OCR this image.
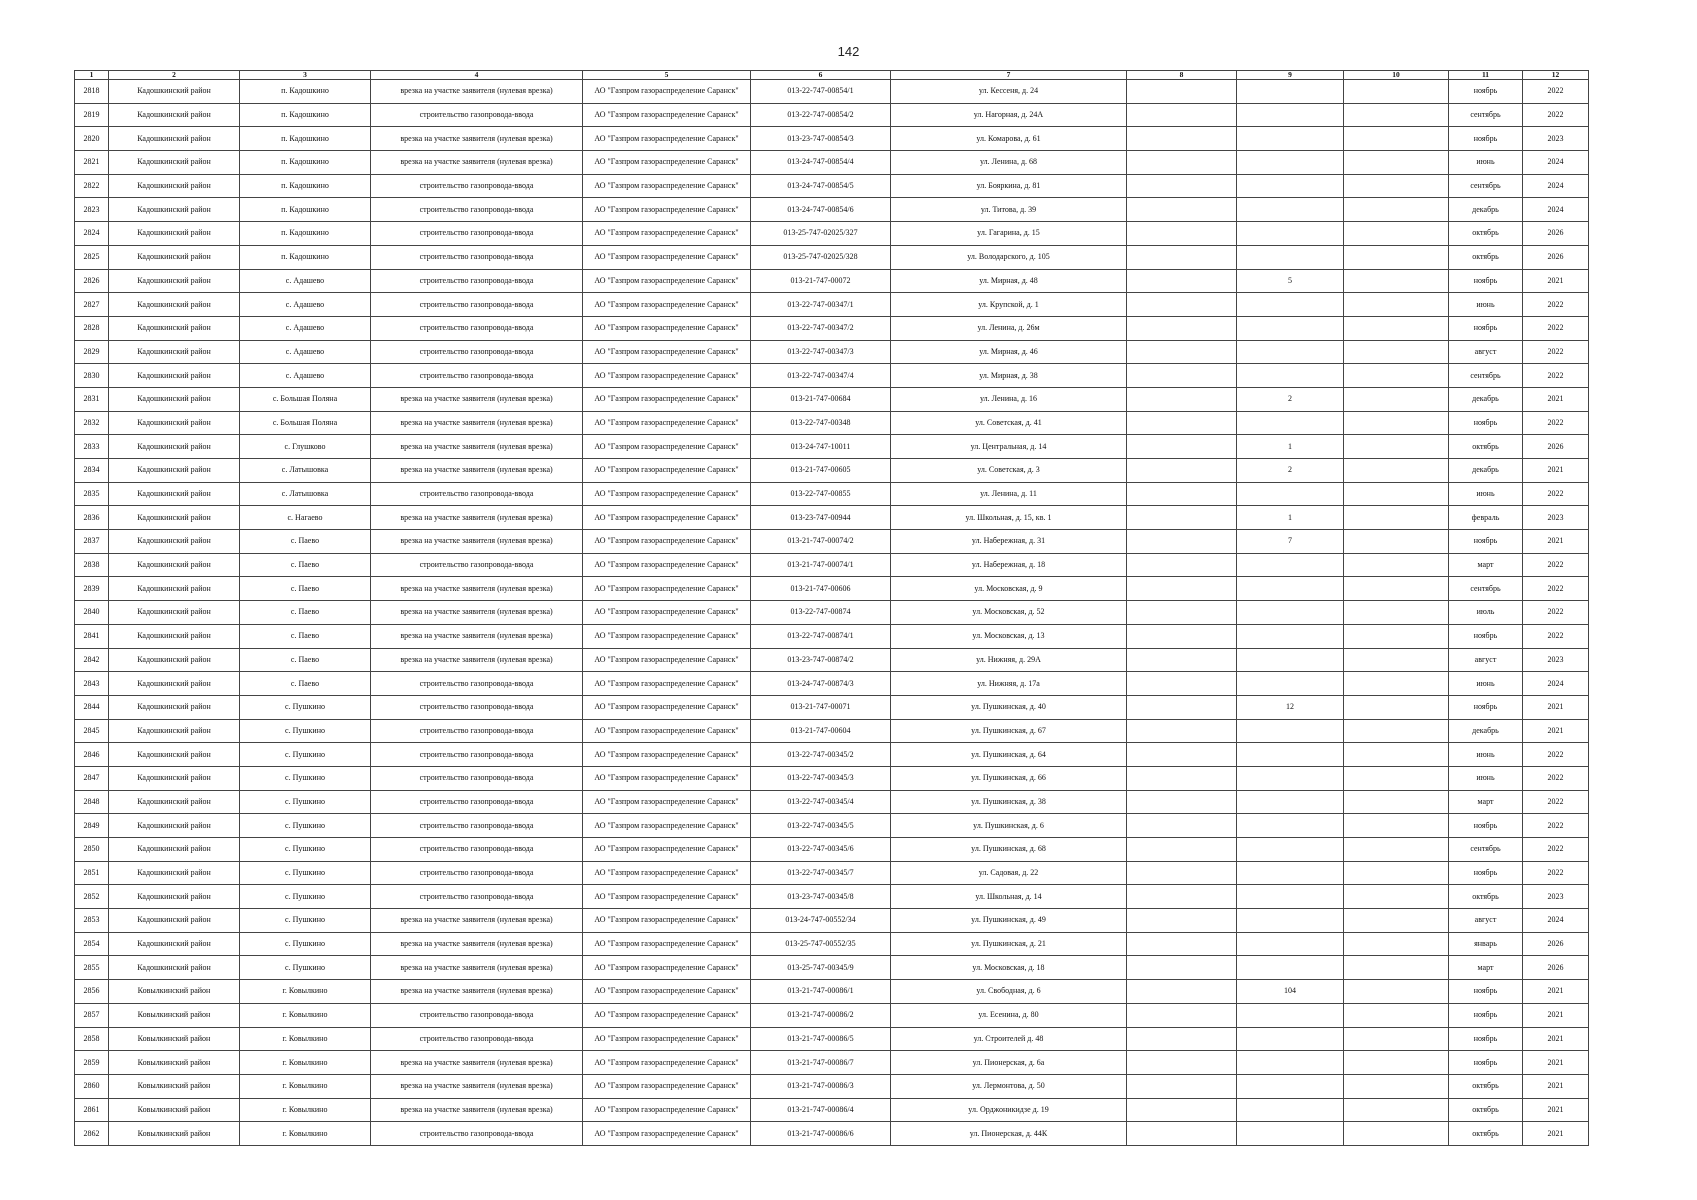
142
1	2	3	4	5	6	7	8	9	10	11	12
2818	Кадошкинский район	п. Кадошкино	врезка на участке заявителя (нулевая врезка)	АО "Газпром газораспределение Саранск"	013-22-747-00854/1	ул. Кессеня, д. 24				ноябрь	2022
2819	Кадошкинский район	п. Кадошкино	строительство газопровода-ввода	АО "Газпром газораспределение Саранск"	013-22-747-00854/2	ул. Нагорная, д. 24А				сентябрь	2022
2820	Кадошкинский район	п. Кадошкино	врезка на участке заявителя (нулевая врезка)	АО "Газпром газораспределение Саранск"	013-23-747-00854/3	ул. Комарова, д. 61				ноябрь	2023
2821	Кадошкинский район	п. Кадошкино	врезка на участке заявителя (нулевая врезка)	АО "Газпром газораспределение Саранск"	013-24-747-00854/4	ул. Ленина, д. 68				июнь	2024
2822	Кадошкинский район	п. Кадошкино	строительство газопровода-ввода	АО "Газпром газораспределение Саранск"	013-24-747-00854/5	ул. Бояркина, д. 81				сентябрь	2024
2823	Кадошкинский район	п. Кадошкино	строительство газопровода-ввода	АО "Газпром газораспределение Саранск"	013-24-747-00854/6	ул. Титова, д. 39				декабрь	2024
2824	Кадошкинский район	п. Кадошкино	строительство газопровода-ввода	АО "Газпром газораспределение Саранск"	013-25-747-02025/327	ул. Гагарина, д. 15				октябрь	2026
2825	Кадошкинский район	п. Кадошкино	строительство газопровода-ввода	АО "Газпром газораспределение Саранск"	013-25-747-02025/328	ул. Володарского, д. 105				октябрь	2026
2826	Кадошкинский район	с. Адашево	строительство газопровода-ввода	АО "Газпром газораспределение Саранск"	013-21-747-00072	ул. Мирная, д. 48		5		ноябрь	2021
2827	Кадошкинский район	с. Адашево	строительство газопровода-ввода	АО "Газпром газораспределение Саранск"	013-22-747-00347/1	ул. Крупской, д. 1				июнь	2022
2828	Кадошкинский район	с. Адашево	строительство газопровода-ввода	АО "Газпром газораспределение Саранск"	013-22-747-00347/2	ул. Ленина, д. 26м				ноябрь	2022
2829	Кадошкинский район	с. Адашево	строительство газопровода-ввода	АО "Газпром газораспределение Саранск"	013-22-747-00347/3	ул. Мирная, д. 46				август	2022
2830	Кадошкинский район	с. Адашево	строительство газопровода-ввода	АО "Газпром газораспределение Саранск"	013-22-747-00347/4	ул. Мирная, д. 38				сентябрь	2022
2831	Кадошкинский район	с. Большая Поляна	врезка на участке заявителя (нулевая врезка)	АО "Газпром газораспределение Саранск"	013-21-747-00684	ул. Ленина, д. 16		2		декабрь	2021
2832	Кадошкинский район	с. Большая Поляна	врезка на участке заявителя (нулевая врезка)	АО "Газпром газораспределение Саранск"	013-22-747-00348	ул. Советская, д. 41				ноябрь	2022
2833	Кадошкинский район	с. Глушково	врезка на участке заявителя (нулевая врезка)	АО "Газпром газораспределение Саранск"	013-24-747-10011	ул. Центральная, д. 14		1		октябрь	2026
2834	Кадошкинский район	с. Латышовка	врезка на участке заявителя (нулевая врезка)	АО "Газпром газораспределение Саранск"	013-21-747-00605	ул. Советская, д. 3		2		декабрь	2021
2835	Кадошкинский район	с. Латышовка	строительство газопровода-ввода	АО "Газпром газораспределение Саранск"	013-22-747-00855	ул. Ленина, д. 11				июнь	2022
2836	Кадошкинский район	с. Нагаево	врезка на участке заявителя (нулевая врезка)	АО "Газпром газораспределение Саранск"	013-23-747-00944	ул. Школьная, д. 15, кв. 1		1		февраль	2023
2837	Кадошкинский район	с. Паево	врезка на участке заявителя (нулевая врезка)	АО "Газпром газораспределение Саранск"	013-21-747-00074/2	ул. Набережная, д. 31		7		ноябрь	2021
2838	Кадошкинский район	с. Паево	строительство газопровода-ввода	АО "Газпром газораспределение Саранск"	013-21-747-00074/1	ул. Набережная, д. 18				март	2022
2839	Кадошкинский район	с. Паево	врезка на участке заявителя (нулевая врезка)	АО "Газпром газораспределение Саранск"	013-21-747-00606	ул. Московская, д. 9				сентябрь	2022
2840	Кадошкинский район	с. Паево	врезка на участке заявителя (нулевая врезка)	АО "Газпром газораспределение Саранск"	013-22-747-00874	ул. Московская, д. 52				июль	2022
2841	Кадошкинский район	с. Паево	врезка на участке заявителя (нулевая врезка)	АО "Газпром газораспределение Саранск"	013-22-747-00874/1	ул. Московская, д. 13				ноябрь	2022
2842	Кадошкинский район	с. Паево	врезка на участке заявителя (нулевая врезка)	АО "Газпром газораспределение Саранск"	013-23-747-00874/2	ул. Нижняя, д. 29А				август	2023
2843	Кадошкинский район	с. Паево	строительство газопровода-ввода	АО "Газпром газораспределение Саранск"	013-24-747-00874/3	ул. Нижняя, д. 17а				июнь	2024
2844	Кадошкинский район	с. Пушкино	строительство газопровода-ввода	АО "Газпром газораспределение Саранск"	013-21-747-00071	ул. Пушкинская, д. 40		12		ноябрь	2021
2845	Кадошкинский район	с. Пушкино	строительство газопровода-ввода	АО "Газпром газораспределение Саранск"	013-21-747-00604	ул. Пушкинская, д. 67				декабрь	2021
2846	Кадошкинский район	с. Пушкино	строительство газопровода-ввода	АО "Газпром газораспределение Саранск"	013-22-747-00345/2	ул. Пушкинская, д. 64				июнь	2022
2847	Кадошкинский район	с. Пушкино	строительство газопровода-ввода	АО "Газпром газораспределение Саранск"	013-22-747-00345/3	ул. Пушкинская, д. 66				июнь	2022
2848	Кадошкинский район	с. Пушкино	строительство газопровода-ввода	АО "Газпром газораспределение Саранск"	013-22-747-00345/4	ул. Пушкинская, д. 38				март	2022
2849	Кадошкинский район	с. Пушкино	строительство газопровода-ввода	АО "Газпром газораспределение Саранск"	013-22-747-00345/5	ул. Пушкинская, д. 6				ноябрь	2022
2850	Кадошкинский район	с. Пушкино	строительство газопровода-ввода	АО "Газпром газораспределение Саранск"	013-22-747-00345/6	ул. Пушкинская, д. 68				сентябрь	2022
2851	Кадошкинский район	с. Пушкино	строительство газопровода-ввода	АО "Газпром газораспределение Саранск"	013-22-747-00345/7	ул. Садовая, д. 22				ноябрь	2022
2852	Кадошкинский район	с. Пушкино	строительство газопровода-ввода	АО "Газпром газораспределение Саранск"	013-23-747-00345/8	ул. Школьная, д. 14				октябрь	2023
2853	Кадошкинский район	с. Пушкино	врезка на участке заявителя (нулевая врезка)	АО "Газпром газораспределение Саранск"	013-24-747-00552/34	ул. Пушкинская, д. 49				август	2024
2854	Кадошкинский район	с. Пушкино	врезка на участке заявителя (нулевая врезка)	АО "Газпром газораспределение Саранск"	013-25-747-00552/35	ул. Пушкинская, д. 21				январь	2026
2855	Кадошкинский район	с. Пушкино	врезка на участке заявителя (нулевая врезка)	АО "Газпром газораспределение Саранск"	013-25-747-00345/9	ул. Московская, д. 18				март	2026
2856	Ковылкинский район	г. Ковылкино	врезка на участке заявителя (нулевая врезка)	АО "Газпром газораспределение Саранск"	013-21-747-00086/1	ул. Свободная, д. 6		104		ноябрь	2021
2857	Ковылкинский район	г. Ковылкино	строительство газопровода-ввода	АО "Газпром газораспределение Саранск"	013-21-747-00086/2	ул. Есенина, д. 80				ноябрь	2021
2858	Ковылкинский район	г. Ковылкино	строительство газопровода-ввода	АО "Газпром газораспределение Саранск"	013-21-747-00086/5	ул. Строителей д. 48				ноябрь	2021
2859	Ковылкинский район	г. Ковылкино	врезка на участке заявителя (нулевая врезка)	АО "Газпром газораспределение Саранск"	013-21-747-00086/7	ул. Пионерская, д. 6а				ноябрь	2021
2860	Ковылкинский район	г. Ковылкино	врезка на участке заявителя (нулевая врезка)	АО "Газпром газораспределение Саранск"	013-21-747-00086/3	ул. Лермонтова, д. 50				октябрь	2021
2861	Ковылкинский район	г. Ковылкино	врезка на участке заявителя (нулевая врезка)	АО "Газпром газораспределение Саранск"	013-21-747-00086/4	ул. Орджоникидзе д. 19				октябрь	2021
2862	Ковылкинский район	г. Ковылкино	строительство газопровода-ввода	АО "Газпром газораспределение Саранск"	013-21-747-00086/6	ул. Пионерская, д. 44К				октябрь	2021
